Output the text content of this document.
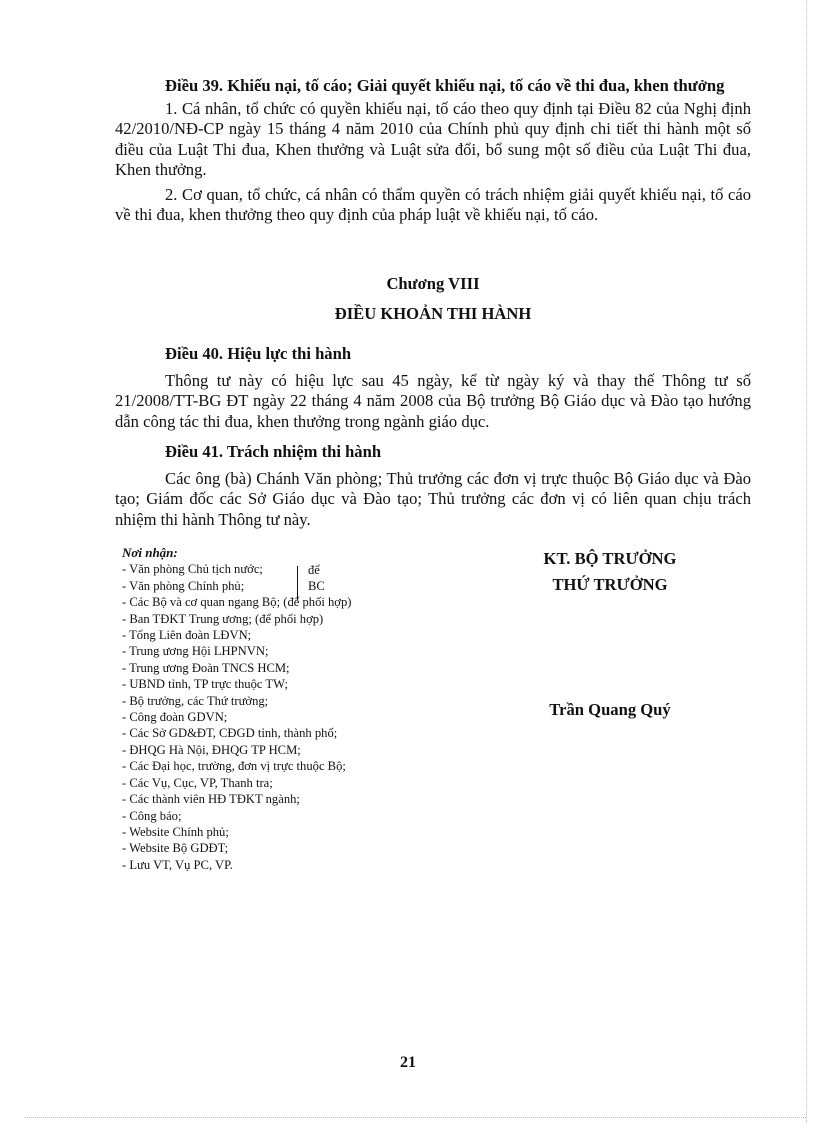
Điều 39. Khiếu nại, tố cáo; Giải quyết khiếu nại, tố cáo về thi đua, khen thưởng

1. Cá nhân, tổ chức có quyền khiếu nại, tố cáo theo quy định tại Điều 82 của Nghị định 42/2010/NĐ-CP ngày 15 tháng 4 năm 2010 của Chính phủ quy định chi tiết thi hành một số điều của Luật Thi đua, Khen thưởng và Luật sửa đổi, bổ sung một số điều của Luật Thi đua, Khen thưởng.

2. Cơ quan, tổ chức, cá nhân có thẩm quyền có trách nhiệm giải quyết khiếu nại, tố cáo về thi đua, khen thưởng theo quy định của pháp luật về khiếu nại, tố cáo.

Chương VIII
ĐIỀU KHOẢN THI HÀNH
Điều 40. Hiệu lực thi hành

Thông tư này có hiệu lực sau 45 ngày, kể từ ngày ký và thay thế Thông tư số 21/2008/TT-BG ĐT ngày 22 tháng 4 năm 2008 của Bộ trưởng Bộ Giáo dục và Đào tạo hướng dẫn công tác thi đua, khen thưởng trong ngành giáo dục.

Điều 41. Trách nhiệm thi hành

Các ông (bà) Chánh Văn phòng; Thủ trưởng các đơn vị trực thuộc Bộ Giáo dục và Đào tạo; Giám đốc các Sở Giáo dục và Đào tạo; Thủ trưởng các đơn vị có liên quan chịu trách nhiệm thi hành Thông tư này.

Nơi nhận:
- Văn phòng Chủ tịch nước;
- Văn phòng Chính phủ;
- Các Bộ và cơ quan ngang Bộ; (để phối hợp)
- Ban TĐKT Trung ương; (để phối hợp)
- Tổng Liên đoàn LĐVN;
- Trung ương Hội LHPNVN;
- Trung ương Đoàn TNCS HCM;
- UBND tỉnh, TP trực thuộc TW;
- Bộ trưởng, các Thứ trưởng;
- Công đoàn GDVN;
- Các Sở GD&ĐT, CĐGD tỉnh, thành phố;
- ĐHQG Hà Nội, ĐHQG TP HCM;
- Các Đại học, trường, đơn vị trực thuộc Bộ;
- Các Vụ, Cục, VP, Thanh tra;
- Các thành viên HĐ TĐKT ngành;
- Công báo;
- Website Chính phủ;
- Website Bộ GDĐT;
- Lưu VT, Vụ PC, VP.
để
BC
KT. BỘ TRƯỞNG
THỨ TRƯỞNG
Trần Quang Quý
21
